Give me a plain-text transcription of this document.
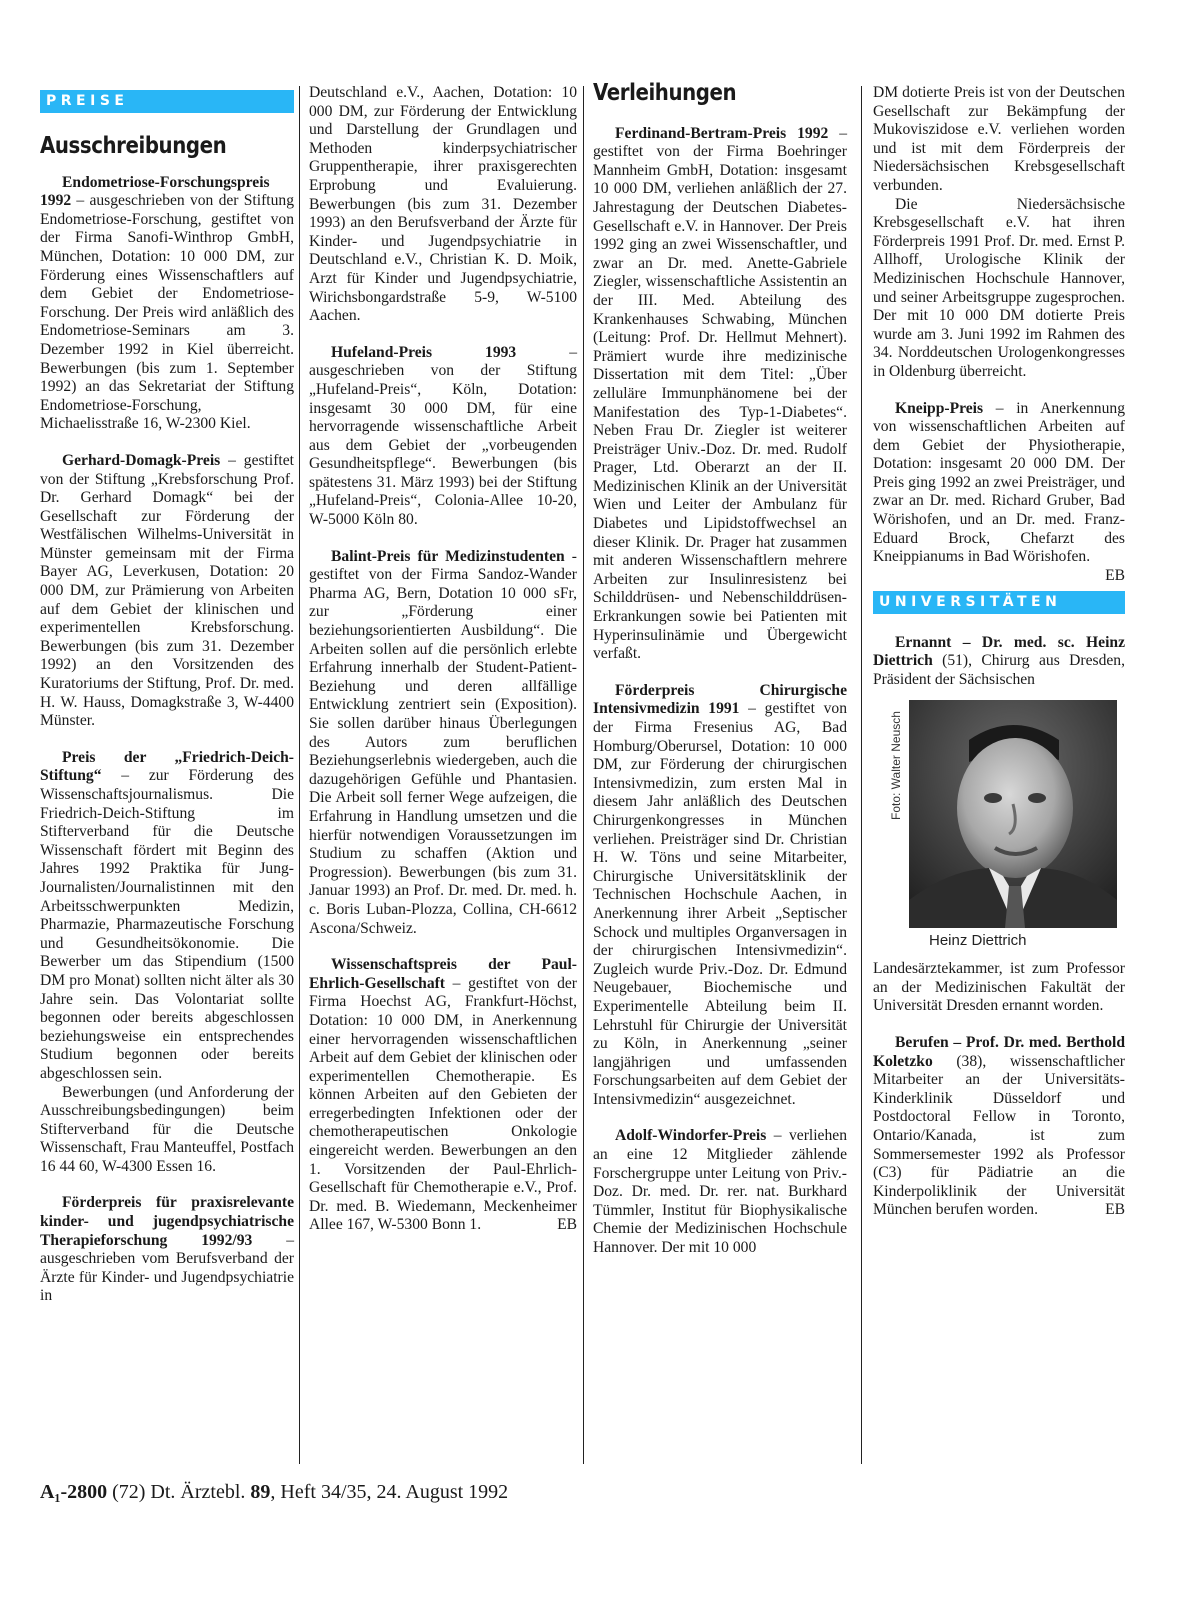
PREISE
Ausschreibungen

Endometriose-Forschungspreis 1992 – ausgeschrieben von der Stiftung Endometriose-Forschung, gestiftet von der Firma Sanofi-Winthrop GmbH, München, Dotation: 10 000 DM, zur Förderung eines Wissenschaftlers auf dem Gebiet der Endometriose-Forschung. Der Preis wird anläßlich des Endometriose-Seminars am 3. Dezember 1992 in Kiel überreicht. Bewerbungen (bis zum 1. September 1992) an das Sekretariat der Stiftung Endometriose-Forschung, Michaelisstraße 16, W-2300 Kiel.

Gerhard-Domagk-Preis – gestiftet von der Stiftung „Krebsforschung Prof. Dr. Gerhard Domagk“ bei der Gesellschaft zur Förderung der Westfälischen Wilhelms-Universität in Münster gemeinsam mit der Firma Bayer AG, Leverkusen, Dotation: 20 000 DM, zur Prämierung von Arbeiten auf dem Gebiet der klinischen und experimentellen Krebsforschung. Bewerbungen (bis zum 31. Dezember 1992) an den Vorsitzenden des Kuratoriums der Stiftung, Prof. Dr. med. H. W. Hauss, Domagkstraße 3, W-4400 Münster.

Preis der „Friedrich-Deich-Stiftung“ – zur Förderung des Wissenschaftsjournalismus. Die Friedrich-Deich-Stiftung im Stifterverband für die Deutsche Wissenschaft fördert mit Beginn des Jahres 1992 Praktika für Jung-Journalisten/Journalistinnen mit den Arbeitsschwerpunkten Medizin, Pharmazie, Pharmazeutische Forschung und Gesundheitsökonomie. Die Bewerber um das Stipendium (1500 DM pro Monat) sollten nicht älter als 30 Jahre sein. Das Volontariat sollte begonnen oder bereits abgeschlossen beziehungsweise ein entsprechendes Studium begonnen oder bereits abgeschlossen sein.

Bewerbungen (und Anforderung der Ausschreibungsbedingungen) beim Stifterverband für die Deutsche Wissenschaft, Frau Manteuffel, Postfach 16 44 60, W-4300 Essen 16.

Förderpreis für praxisrelevante kinder- und jugendpsychiatrische Therapieforschung 1992/93 – ausgeschrieben vom Berufsverband der Ärzte für Kinder- und Jugendpsychiatrie in

Deutschland e.V., Aachen, Dotation: 10 000 DM, zur Förderung der Entwicklung und Darstellung der Grundlagen und Methoden kinderpsychiatrischer Gruppentherapie, ihrer praxisgerechten Erprobung und Evaluierung. Bewerbungen (bis zum 31. Dezember 1993) an den Berufsverband der Ärzte für Kinder- und Jugendpsychiatrie in Deutschland e.V., Christian K. D. Moik, Arzt für Kinder und Jugendpsychiatrie, Wirichsbongardstraße 5-9, W-5100 Aachen.

Hufeland-Preis 1993 – ausgeschrieben von der Stiftung „Hufeland-Preis“, Köln, Dotation: insgesamt 30 000 DM, für eine hervorragende wissenschaftliche Arbeit aus dem Gebiet der „vorbeugenden Gesundheitspflege“. Bewerbungen (bis spätestens 31. März 1993) bei der Stiftung „Hufeland-Preis“, Colonia-Allee 10-20, W-5000 Köln 80.

Balint-Preis für Medizinstudenten - gestiftet von der Firma Sandoz-Wander Pharma AG, Bern, Dotation 10 000 sFr, zur „Förderung einer beziehungsorientierten Ausbildung“. Die Arbeiten sollen auf die persönlich erlebte Erfahrung innerhalb der Student-Patient-Beziehung und deren allfällige Entwicklung zentriert sein (Exposition). Sie sollen darüber hinaus Überlegungen des Autors zum beruflichen Beziehungserlebnis wiedergeben, auch die dazugehörigen Gefühle und Phantasien. Die Arbeit soll ferner Wege aufzeigen, die Erfahrung in Handlung umsetzen und die hierfür notwendigen Voraussetzungen im Studium zu schaffen (Aktion und Progression). Bewerbungen (bis zum 31. Januar 1993) an Prof. Dr. med. Dr. med. h. c. Boris Luban-Plozza, Collina, CH-6612 Ascona/Schweiz.

Wissenschaftspreis der Paul-Ehrlich-Gesellschaft – gestiftet von der Firma Hoechst AG, Frankfurt-Höchst, Dotation: 10 000 DM, in Anerkennung einer hervorragenden wissenschaftlichen Arbeit auf dem Gebiet der klinischen oder experimentellen Chemotherapie. Es können Arbeiten auf den Gebieten der erregerbedingten Infektionen oder der chemotherapeutischen Onkologie eingereicht werden. Bewerbungen an den 1. Vorsitzenden der Paul-Ehrlich-Gesellschaft für Chemotherapie e.V., Prof. Dr. med. B. Wiedemann, Meckenheimer Allee 167, W-5300 Bonn 1.	EB

Verleihungen

Ferdinand-Bertram-Preis 1992 – gestiftet von der Firma Boehringer Mannheim GmbH, Dotation: insgesamt 10 000 DM, verliehen anläßlich der 27. Jahrestagung der Deutschen Diabetes-Gesellschaft e.V. in Hannover. Der Preis 1992 ging an zwei Wissenschaftler, und zwar an Dr. med. Anette-Gabriele Ziegler, wissenschaftliche Assistentin an der III. Med. Abteilung des Krankenhauses Schwabing, München (Leitung: Prof. Dr. Hellmut Mehnert). Prämiert wurde ihre medizinische Dissertation mit dem Titel: „Über zelluläre Immunphänomene bei der Manifestation des Typ-1-Diabetes“. Neben Frau Dr. Ziegler ist weiterer Preisträger Univ.-Doz. Dr. med. Rudolf Prager, Ltd. Oberarzt an der II. Medizinischen Klinik an der Universität Wien und Leiter der Ambulanz für Diabetes und Lipidstoffwechsel an dieser Klinik. Dr. Prager hat zusammen mit anderen Wissenschaftlern mehrere Arbeiten zur Insulinresistenz bei Schilddrüsen- und Nebenschilddrüsen-Erkrankungen sowie bei Patienten mit Hyperinsulinämie und Übergewicht verfaßt.

Förderpreis Chirurgische Intensivmedizin 1991 – gestiftet von der Firma Fresenius AG, Bad Homburg/Oberursel, Dotation: 10 000 DM, zur Förderung der chirurgischen Intensivmedizin, zum ersten Mal in diesem Jahr anläßlich des Deutschen Chirurgenkongresses in München verliehen. Preisträger sind Dr. Christian H. W. Töns und seine Mitarbeiter, Chirurgische Universitätsklinik der Technischen Hochschule Aachen, in Anerkennung ihrer Arbeit „Septischer Schock und multiples Organversagen in der chirurgischen Intensivmedizin“. Zugleich wurde Priv.-Doz. Dr. Edmund Neugebauer, Biochemische und Experimentelle Abteilung beim II. Lehrstuhl für Chirurgie der Universität zu Köln, in Anerkennung „seiner langjährigen und umfassenden Forschungsarbeiten auf dem Gebiet der Intensivmedizin“ ausgezeichnet.

Adolf-Windorfer-Preis – verliehen an eine 12 Mitglieder zählende Forschergruppe unter Leitung von Priv.-Doz. Dr. med. Dr. rer. nat. Burkhard Tümmler, Institut für Biophysikalische Chemie der Medizinischen Hochschule Hannover. Der mit 10 000

DM dotierte Preis ist von der Deutschen Gesellschaft zur Bekämpfung der Mukoviszidose e.V. verliehen worden und ist mit dem Förderpreis der Niedersächsischen Krebsgesellschaft verbunden.

Die Niedersächsische Krebsgesellschaft e.V. hat ihren Förderpreis 1991 Prof. Dr. med. Ernst P. Allhoff, Urologische Klinik der Medizinischen Hochschule Hannover, und seiner Arbeitsgruppe zugesprochen. Der mit 10 000 DM dotierte Preis wurde am 3. Juni 1992 im Rahmen des 34. Norddeutschen Urologenkongresses in Oldenburg überreicht.

Kneipp-Preis – in Anerkennung von wissenschaftlichen Arbeiten auf dem Gebiet der Physiotherapie, Dotation: insgesamt 20 000 DM. Der Preis ging 1992 an zwei Preisträger, und zwar an Dr. med. Richard Gruber, Bad Wörishofen, und an Dr. med. Franz-Eduard Brock, Chefarzt des Kneippianums in Bad Wörishofen.
EB

UNIVERSITÄTEN

Ernannt – Dr. med. sc. Heinz Diettrich (51), Chirurg aus Dresden, Präsident der Sächsischen

Foto: Walter Neusch
Heinz Diettrich

Landesärztekammer, ist zum Professor an der Medizinischen Fakultät der Universität Dresden ernannt worden.

Berufen – Prof. Dr. med. Berthold Koletzko (38), wissenschaftlicher Mitarbeiter an der Universitäts-Kinderklinik Düsseldorf und Postdoctoral Fellow in Toronto, Ontario/Kanada, ist zum Sommersemester 1992 als Professor (C3) für Pädiatrie an die Kinderpoliklinik der Universität München berufen worden.	EB

A₁-2800 (72) Dt. Ärztebl. 89, Heft 34/35, 24. August 1992
